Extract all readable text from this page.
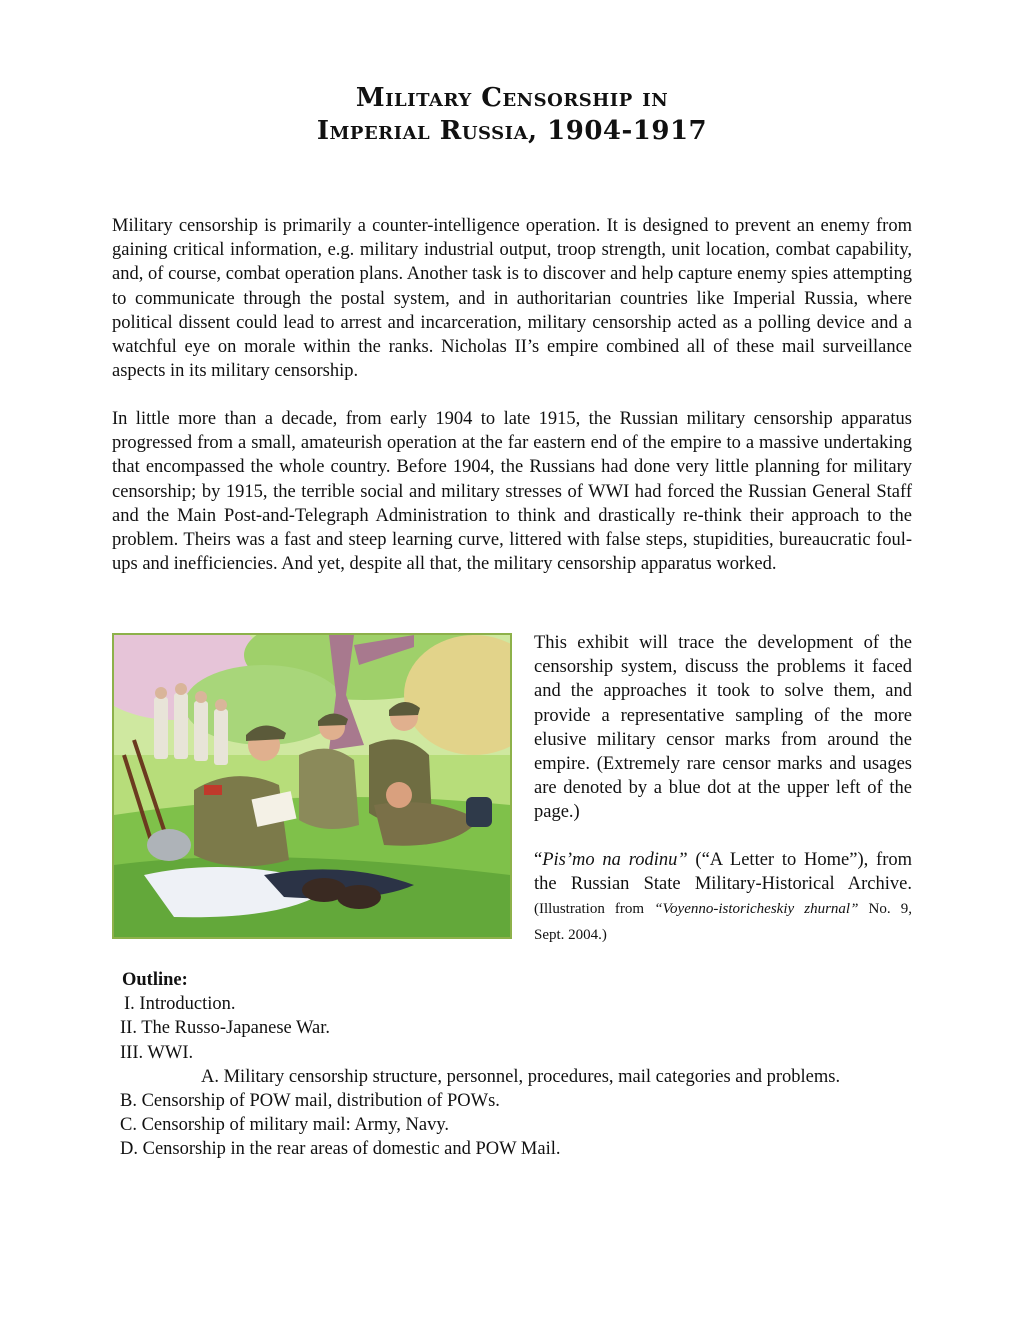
Military Censorship in
Imperial Russia, 1904-1917

Military censorship is primarily a counter-intelligence operation. It is designed to prevent an enemy from gaining critical information, e.g. military industrial output, troop strength, unit location, combat capability, and, of course, combat operation plans. Another task is to discover and help capture enemy spies attempting to communicate through the postal system, and in authoritarian countries like Imperial Russia, where political dissent could lead to arrest and incarceration, military censorship acted as a polling device and a watchful eye on morale within the ranks. Nicholas II’s empire combined all of these mail surveillance aspects in its military censorship.

In little more than a decade, from early 1904 to late 1915, the Russian military censorship apparatus progressed from a small, amateurish operation at the far eastern end of the empire to a massive undertaking that encompassed the whole country. Before 1904, the Russians had done very little planning for military censorship; by 1915, the terrible social and military stresses of WWI had forced the Russian General Staff and the Main Post-and-Telegraph Administration to think and drastically re-think their approach to the problem. Theirs was a fast and steep learning curve, littered with false steps, stupidities, bureaucratic foul-ups and inefficiencies. And yet, despite all that, the military censorship apparatus worked.

This exhibit will trace the development of the censorship system, discuss the problems it faced and the approaches it took to solve them, and provide a representative sampling of the more elusive military censor marks from around the empire. (Extremely rare censor marks and usages are denoted by a blue dot at the upper left of the page.)

“Pis’mo na rodinu” (“A Letter to Home”), from the Russian State Military-Historical Archive. (Illustration from “Voyenno-istoricheskiy zhurnal” No. 9, Sept. 2004.)

Outline:
I. Introduction.
II. The Russo-Japanese War.
III. WWI.
A. Military censorship structure, personnel, procedures, mail categories and problems.
B. Censorship of POW mail, distribution of POWs.
C. Censorship of military mail: Army, Navy.
D. Censorship in the rear areas of domestic and POW Mail.
